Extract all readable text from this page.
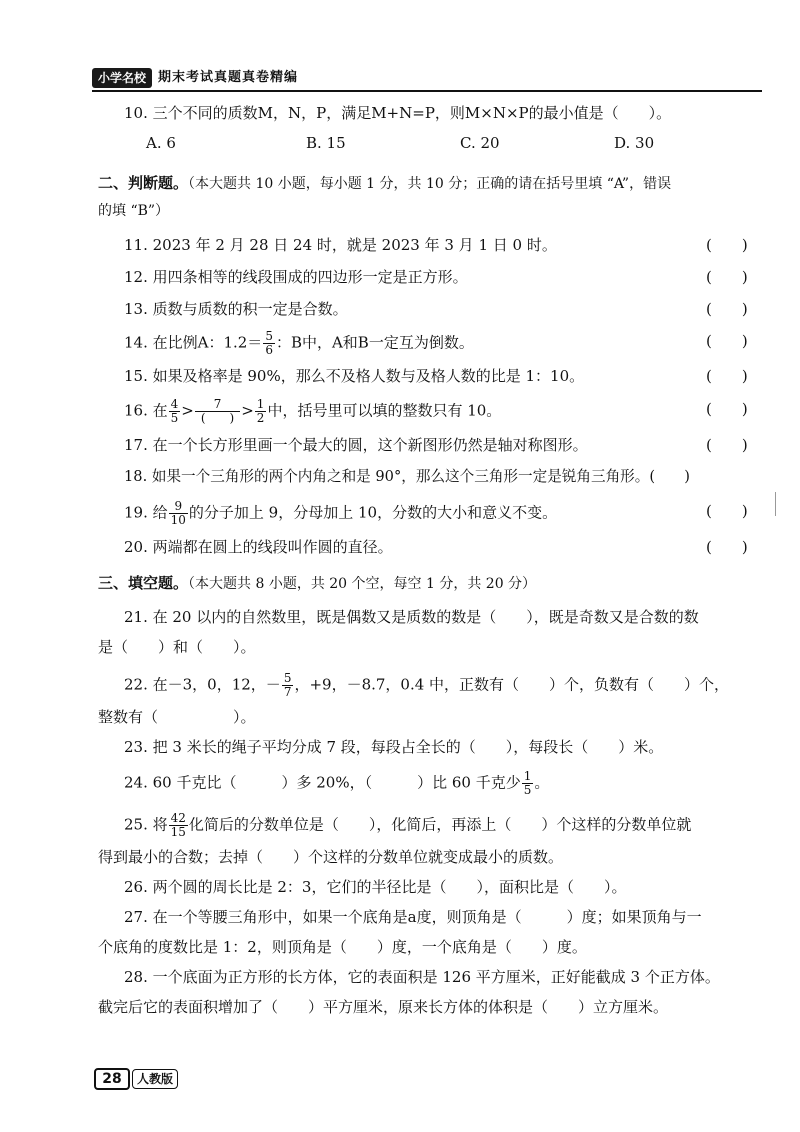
小学名校 期末考试真题真卷精编
10. 三个不同的质数M，N，P，满足M+N=P，则M×N×P的最小值是（　　）。
A. 6	B. 15	C. 20	D. 30
二、判断题。（本大题共 10 小题，每小题 1 分，共 10 分；正确的请在括号里填 “A”，错误
的填 “B”）
11. 2023 年 2 月 28 日 24 时，就是 2023 年 3 月 1 日 0 时。	(　　)
12. 用四条相等的线段围成的四边形一定是正方形。	(　　)
13. 质数与质数的积一定是合数。	(　　)
14. 在比例A：$1.2= \frac{5}{6}$ ：B中，A和B一定互为倒数。	(　　)
15. 如果及格率是 90%，那么不及格人数与及格人数的比是 1：10。	(　　)
16. 在 $\frac{4}{5} > \frac{7}{( )} > \frac{1}{2}$ 中，括号里可以填的整数只有 10。	(　　)
17. 在一个长方形里画一个最大的圆，这个新图形仍然是轴对称图形。	(　　)
18. 如果一个三角形的两个内角之和是 90°，那么这个三角形一定是锐角三角形。(　　)
19. 给 $\frac{9}{10}$ 的分子加上 9，分母加上 10，分数的大小和意义不变。	(　　)
20. 两端都在圆上的线段叫作圆的直径。	(　　)
三、填空题。（本大题共 8 小题，共 20 个空，每空 1 分，共 20 分）
21. 在 20 以内的自然数里，既是偶数又是质数的数是（　　），既是奇数又是合数的数
是（　　）和（　　）。
22. 在－3，0，12，－ $\frac{5}{7}$ ，+9，－8.7，0.4 中，正数有（　　）个，负数有（　　）个，
整数有（　　　　　）。
23. 把 3 米长的绳子平均分成 7 段，每段占全长的（　　），每段长（　　）米。
24. 60 千克比（　　　）多 20%，（　　　）比 60 千克少 $\frac{1}{5}$ 。
25. 将 $\frac{42}{15}$ 化简后的分数单位是（　　），化简后，再添上（　　）个这样的分数单位就
得到最小的合数；去掉（　　）个这样的分数单位就变成最小的质数。
26. 两个圆的周长比是 2：3，它们的半径比是（　　），面积比是（　　）。
27. 在一个等腰三角形中，如果一个底角是a度，则顶角是（　　　）度；如果顶角与一
个底角的度数比是 1：2，则顶角是（　　）度，一个底角是（　　）度。
28. 一个底面为正方形的长方体，它的表面积是 126 平方厘米，正好能截成 3 个正方体。
截完后它的表面积增加了（　　）平方厘米，原来长方体的体积是（　　）立方厘米。
28	人教版
